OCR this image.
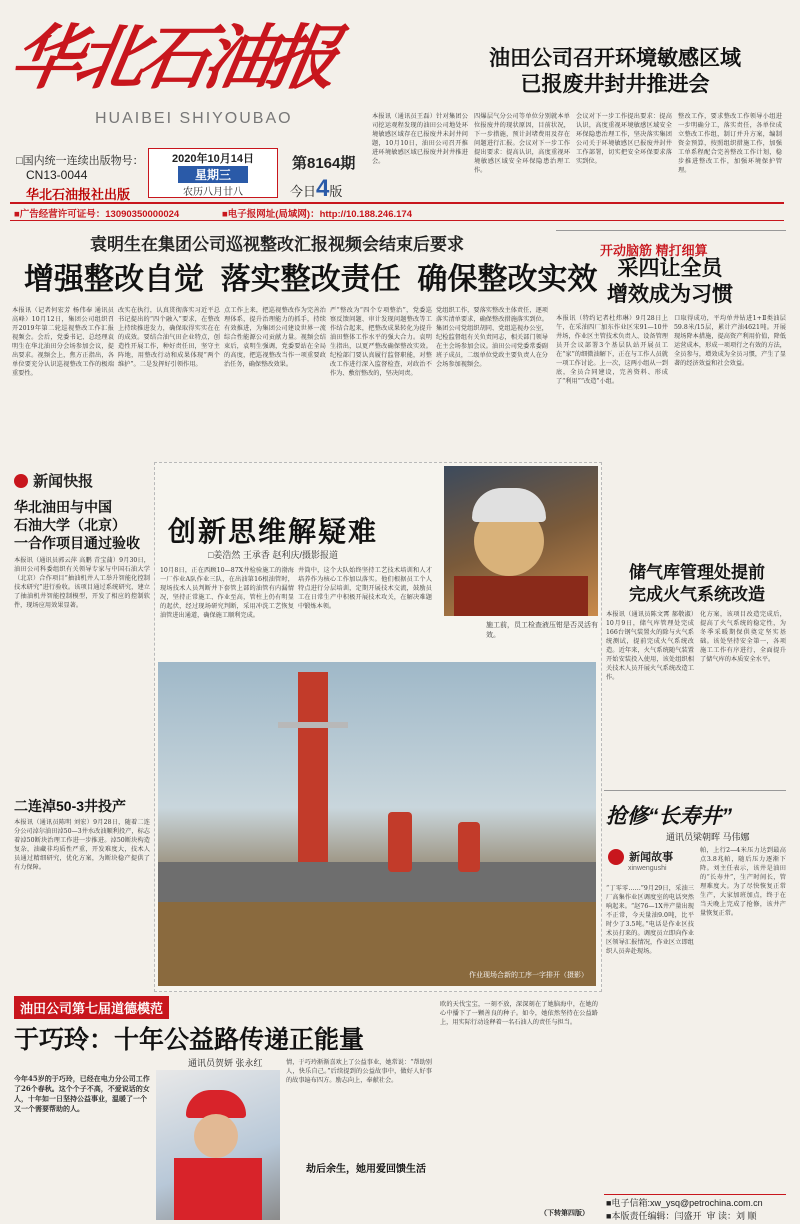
华北石油报
HUAIBEI SHIYOUBAO
□国内统一连续出版物号：
CN13-0044
华北石油报社出版
2020年10月14日
星期三
农历八月廿八
第8164期
今日4版
■广告经营许可证号：13090350000024	■电子报网址(局域网)：http://10.188.246.174
油田公司召开环境敏感区域
已报废井封井推进会
本报讯（通讯员王磊）针对集团公司挖运观程发现的油田公司地处环境敏感区域存在已报废井未封井问题，10月10日，油田公司召开推进环境敏感区域已报废井封井推进会。
四爆层气分公司等单位分别就本单位报废井的现状原因，目前状况，下一步措施，预计封堵费用及存在问题进行汇报。会议对下一步工作提出要求：提高认识，高度重视环境敏感区域安全环保隐患治理工作。
会议对下一步工作提出要求：提高认识，高度重视环境敏感区域安全环保隐患治理工作，坚决落实集团公司关于环境敏感区已报废井封井工作部署，切实把安全环保要求落实到位。
整改工作，要求整改工作领导小组进一步明确分工，落实责任，各单位成立整改工作组，制订并升方案，编制资金预算，按照组织措施工作，加强工单系程配合完善整改工作计划，稳步推进整改工作，加强环境保护管理。
袁明生在集团公司巡视整改汇报视频会结束后要求
增强整改自觉  落实整改责任  确保整改实效
本报讯（记者何宏芳 杨伟奉 通讯员高峰）10月12日，集团公司组织召开2019年第二轮巡视整改工作汇报视频会。会后，党委书记、总经理袁明生在华北油田分会场参加会议，提出要求。视频会上，焦方正指出，各单位要充分认识巡视整改工作的极端重要性。
改实在执行，认真贯彻落实习近平总书记提出的“四个融入”要求，在整改上持续推进发力，确保取得实实在在的成效。要结合油气田企业特点，创造性开展工作，种好责任田，坚守主阵地，用整改行动和成果体现“两个维护”。二是发挥好引领作用。
点工作上来，把巡视整改作为完善治理体系，提升治理能力的抓手，持续有效推进，为集团公司建设世界一流综合性能源公司贡献力量。视频会结束后，袁明生强调，党委要站在全局的高度，把巡视整改当作一项重要政治任务，确保整改效果。
严“整改为“四个专项整治”，党委巡察反馈问题、审计发现问题整改等工作结合起来，把整改成果转化为提升油田整体工作水平的强大合力。袁明生指出，以更严整改确保整改实效。纪检部门要认真履行监督职能，对整改工作进行深入监督检查，对政治不作为、敷衍整改的，坚决问责。
党组织工作，要落实整改主体责任，逐项落实清单要求，确保整改措施落实到位。集团公司党组织胡同、党组巡视办公室，纪检监督组有关负责同志，相关部门领导在主会场参加会议。油田公司党委常委副班子成员，二级单位党政主要负责人在分会场参加视频会。
开动脑筋 精打细算
采四让全员
增效成为习惯
本报讯（特约记者杜炜琳）9月28日上午，在采油四厂加东作业区宋91—10井井场，作业区主管技术负责人、设备管理员开会议部署3个基层队站开展员工在“家”的细微油解下，正在与工作人员就一项工作讨论。上一次，这两小组从一到底，全员合同建设，完善资料、形成了“利用”“改造”小组。
口取得成功，平均单井钻进1+Ⅱ类油层59.8米/15层，累计产油4621吨。开展现场降本措施，提高资产利用价值，降低运营成本，形成一项项行之有效的方法，全员参与，增效成为全员习惯，产生了显著的经济效益和社会效益。
新闻快报
华北油田与中国
石油大学（北京）
一合作项目通过验收
本报讯（通讯员郭云萍 高鹏 青宝蒲）9月30日，油田公司科委组织有关领导专家与中国石油大学（北京）合作项目“抽油机井人工举升智能化控制技术研究”进行验收。该项目通过系统研究，建立了抽油机井智能控制模型，开发了相应的控制软件，现场应用效果显著。
二连淖50-3井投产
本报讯（通讯员陈明 刘宏）9月28日，随着二连分公司淖尔油田淖50—3井水改油顺利投产，标志着淖50断块治理工作进一步推进。淖50断块构造复杂，油藏非均质性严重，开发难度大，技术人员通过精细研究，优化方案，为断块稳产提供了有力保障。
创新思维解疑难
□姜浩然 王承香 赵利庆/摄影报道
10月8日，正在西顾10—87X井检验施工的渤海一厂作业A队作业三队，在出油第16根油管时，现场技术人员判断井下套管上部的油管有内漏情况，坚持正常施工、作业至高，管柱上仍有明显的起伏，经过现场研究判断，采用冲洗工艺恢复油管进出通道，确保施工顺利完成。
井筒中，这个大队始终坚持工艺技术培训和人才培养作为核心工作加以落实。他们根据员工个人特点进行分层培训，定期开展技术交流，鼓励员工在日常生产中积极开展技术攻关，在解决难题中锻炼本领。
施工前，员工检查液压钳是否灵活有效。
作业现场合新的工序一字排开（摄影）
储气库管理处提前
完成火气系统改造
本报讯（通讯员陈文霄 郝敬淑）10月9日，储气库管理处完成166台钢气装置火的除与火气系统测试，提前完成火气系统改造。近年来，火气系统随气装置开始安装投入使用，该处组织相关技术人员开展火气系统改造工作。
化方案，该项目改造完成后，提高了火气系统的稳定性，为冬季采暖期保供奠定坚实基础。该处坚持安全第一，各项施工工作有序进行，全面提升了储气库的本质安全水平。
抢修“长寿井”
通讯员梁朝晖 马伟娜
新闻故事
xinwengushi
“丁零零……”9月29日，采油三厂高集作业区调度室的电话突然响起来。“赵76—1X井产量出现不正常，今天量油9.0吨，比平时少了3.5吨。”电话是作业区技术员打来的。调度员立即向作业区领导汇报情况，作业区立即组织人员奔赴现场。
帕，上行2—4米压力达到最高点3.8兆帕，随后压力逐渐下降。刘主任表示，该井是油田的“长寿井”，生产时间长，管理难度大。为了尽快恢复正常生产，大家加班加点，终于在当天晚上完成了抢修，该井产量恢复正常。
油田公司第七届道德模范
于巧玲：十年公益路传递正能量
通讯员贺妍 张永红
今年45岁的于巧玲，已经在电力分公司工作了26个春秋。这个个子不高，不爱说话的女人，十年如一日坚持公益事业，温暖了一个又一个需要帮助的人。
情，于巧玲渐渐喜欢上了公益事业，她常说：“帮助别人，快乐自己。”后续提到的公益故事中，做好人好事的故事遍布四方。励志向上，奉献社会。
劫后余生，她用爱回馈生活
欧的天伐宝宝，一刻不放，深深刻在了她脑海中，在她的心中播下了一颗善良的种子。如今，她依然坚持在公益路上，用实际行动诠释着一名石油人的责任与担当。
（下转第四版）
■电子信箱:xw_ysq@petrochina.com.cn
■本版责任编辑：闫盛开 审 读：刘 顺
